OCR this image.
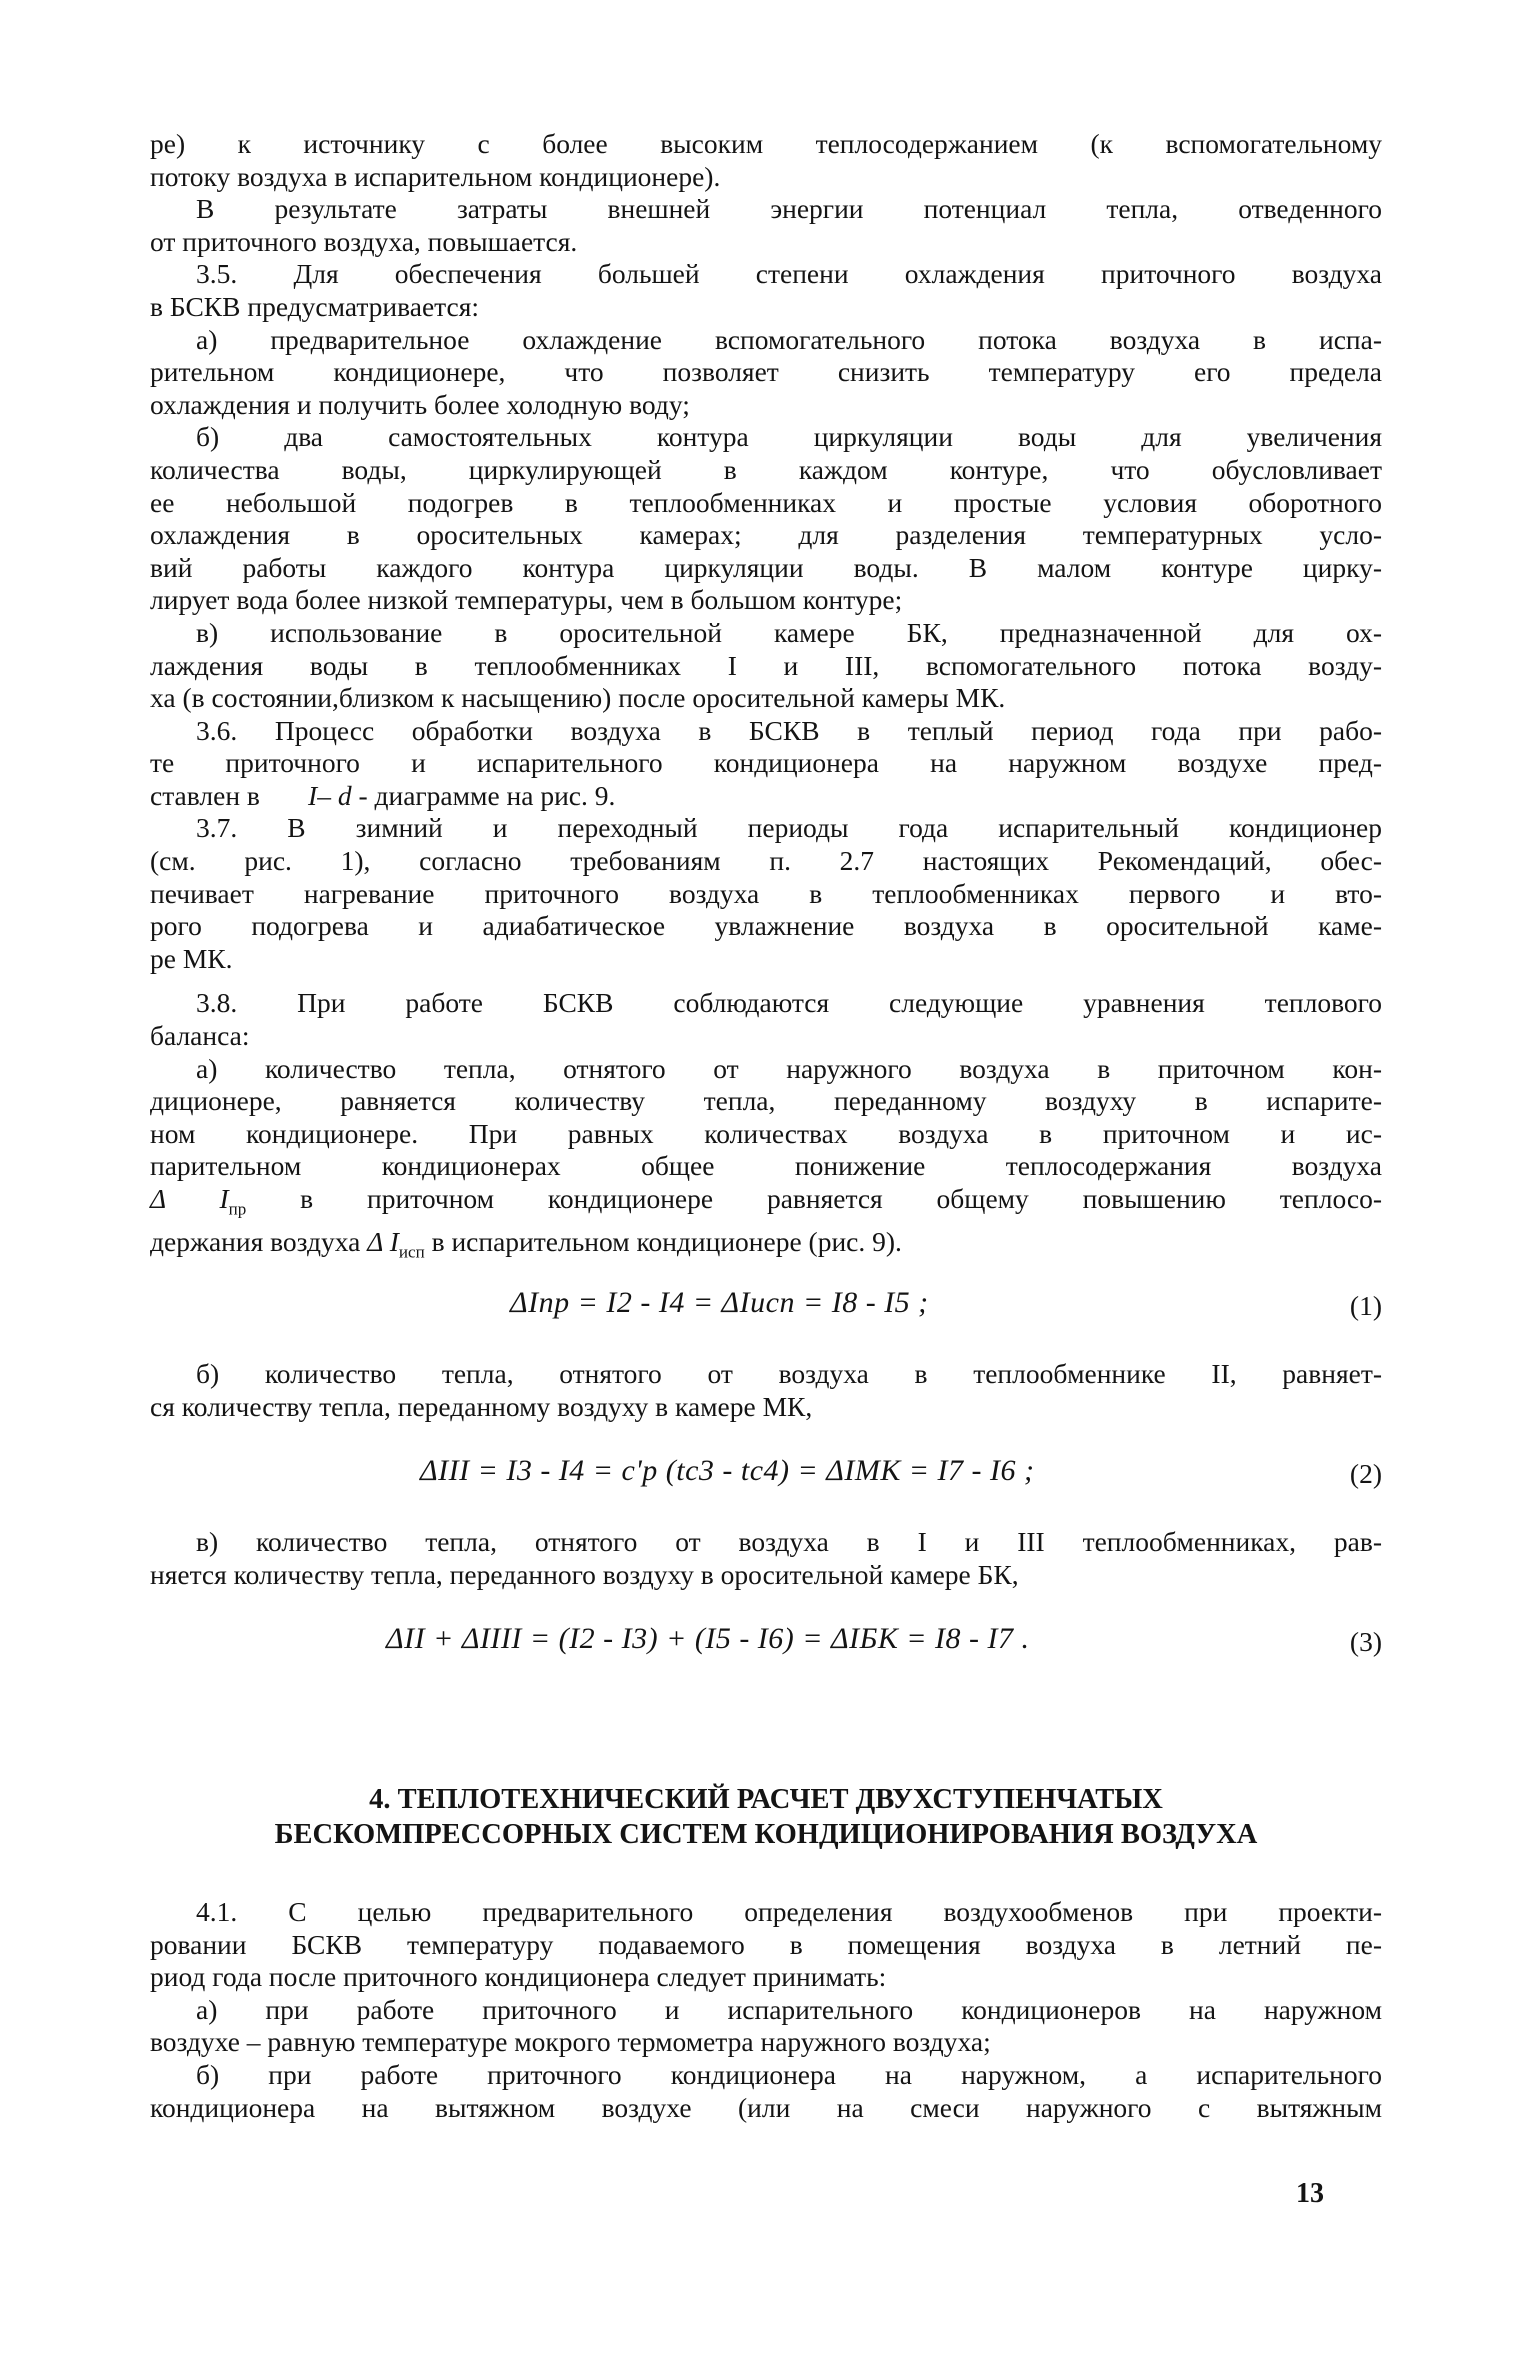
ре) к источнику с более высоким теплосодержанием (к вспомогательному

потоку воздуха в испарительном кондиционере).

В результате затраты внешней энергии потенциал тепла, отведенного

от приточного воздуха, повышается.

3.5. Для обеспечения большей степени охлаждения приточного воздуха

в БСКВ предусматривается:

а) предварительное охлаждение вспомогательного потока воздуха в испа-

рительном кондиционере, что позволяет снизить температуру его предела

охлаждения и получить более холодную воду;

б) два самостоятельных контура циркуляции воды для увеличения

количества воды, циркулирующей в каждом контуре, что обусловливает

ее небольшой подогрев в теплообменниках и простые условия оборотного

охлаждения в оросительных камерах; для разделения температурных усло-

вий работы каждого контура циркуляции воды. В малом контуре цирку-

лирует вода более низкой температуры, чем в большом контуре;

в) использование в оросительной камере БК, предназначенной для ох-

лаждения воды в теплообменниках I и III, вспомогательного потока возду-

ха (в состоянии,близком к насыщению) после оросительной камеры МК.

3.6. Процесс обработки воздуха в БСКВ в теплый период года при рабо-

те приточного и испарительного кондиционера на наружном воздухе пред-

ставлен в I– d - диаграмме на рис. 9.

3.7. В зимний и переходный периоды года испарительный кондиционер

(см. рис. 1), согласно требованиям п. 2.7 настоящих Рекомендаций, обес-

печивает нагревание приточного воздуха в теплообменниках первого и вто-

рого подогрева и адиабатическое увлажнение воздуха в оросительной каме-

ре МК.

3.8. При работе БСКВ соблюдаются следующие уравнения теплового

баланса:

а) количество тепла, отнятого от наружного воздуха в приточном кон-

диционере, равняется количеству тепла, переданному воздуху в испарите-

ном кондиционере. При равных количествах воздуха в приточном и ис-

парительном кондиционерах общее понижение теплосодержания воздуха

Δ $I_{пр}$ в приточном кондиционере равняется общему повышению теплосо-

держания воздуха Δ $I_{исп}$ в испарительном кондиционере (рис. 9).

ΔIпр = I2 - I4 = ΔIисп = I8 - I5 ;	(1)

б) количество тепла, отнятого от воздуха в теплообменнике II, равняет-

ся количеству тепла, переданному воздуху в камере МК,

ΔIII = I3 - I4 = c'p (tc3 - tc4) = ΔIМК = I7 - I6 ;	(2)

в) количество тепла, отнятого от воздуха в I и III теплообменниках, рав-

няется количеству тепла, переданного воздуху в оросительной камере БК,

ΔII + ΔIIII = (I2 - I3) + (I5 - I6) = ΔIБК = I8 - I7 .	(3)
4. ТЕПЛОТЕХНИЧЕСКИЙ РАСЧЕТ ДВУХСТУПЕНЧАТЫХ
БЕСКОМПРЕССОРНЫХ СИСТЕМ КОНДИЦИОНИРОВАНИЯ ВОЗДУХА

4.1. С целью предварительного определения воздухообменов при проекти-

ровании БСКВ температуру подаваемого в помещения воздуха в летний пе-

риод года после приточного кондиционера следует принимать:

а) при работе приточного и испарительного кондиционеров на наружном

воздухе – равную температуре мокрого термометра наружного воздуха;

б) при работе приточного кондиционера на наружном, а испарительного

кондиционера на вытяжном воздухе (или на смеси наружного с вытяжным

13
